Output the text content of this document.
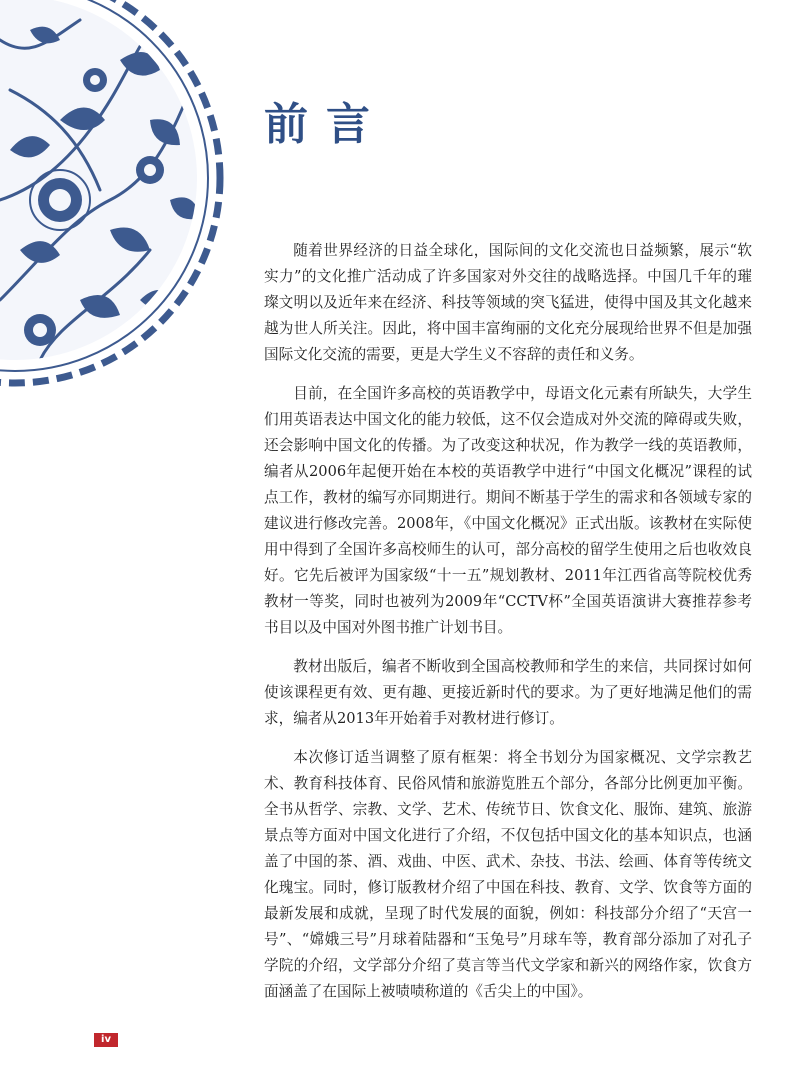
前言

随着世界经济的日益全球化，国际间的文化交流也日益频繁，展示“软实力”的文化推广活动成了许多国家对外交往的战略选择。中国几千年的璀璨文明以及近年来在经济、科技等领域的突飞猛进，使得中国及其文化越来越为世人所关注。因此，将中国丰富绚丽的文化充分展现给世界不但是加强国际文化交流的需要，更是大学生义不容辞的责任和义务。

目前，在全国许多高校的英语教学中，母语文化元素有所缺失，大学生们用英语表达中国文化的能力较低，这不仅会造成对外交流的障碍或失败，还会影响中国文化的传播。为了改变这种状况，作为教学一线的英语教师，编者从2006年起便开始在本校的英语教学中进行“中国文化概况”课程的试点工作，教材的编写亦同期进行。期间不断基于学生的需求和各领域专家的建议进行修改完善。2008年，《中国文化概况》正式出版。该教材在实际使用中得到了全国许多高校师生的认可，部分高校的留学生使用之后也收效良好。它先后被评为国家级“十一五”规划教材、2011年江西省高等院校优秀教材一等奖，同时也被列为2009年“CCTV杯”全国英语演讲大赛推荐参考书目以及中国对外图书推广计划书目。

教材出版后，编者不断收到全国高校教师和学生的来信，共同探讨如何使该课程更有效、更有趣、更接近新时代的要求。为了更好地满足他们的需求，编者从2013年开始着手对教材进行修订。

本次修订适当调整了原有框架：将全书划分为国家概况、文学宗教艺术、教育科技体育、民俗风情和旅游览胜五个部分，各部分比例更加平衡。全书从哲学、宗教、文学、艺术、传统节日、饮食文化、服饰、建筑、旅游景点等方面对中国文化进行了介绍，不仅包括中国文化的基本知识点，也涵盖了中国的茶、酒、戏曲、中医、武术、杂技、书法、绘画、体育等传统文化瑰宝。同时，修订版教材介绍了中国在科技、教育、文学、饮食等方面的最新发展和成就，呈现了时代发展的面貌，例如：科技部分介绍了“天宫一号”、“嫦娥三号”月球着陆器和“玉兔号”月球车等，教育部分添加了对孔子学院的介绍，文学部分介绍了莫言等当代文学家和新兴的网络作家，饮食方面涵盖了在国际上被啧啧称道的《舌尖上的中国》。

iv
